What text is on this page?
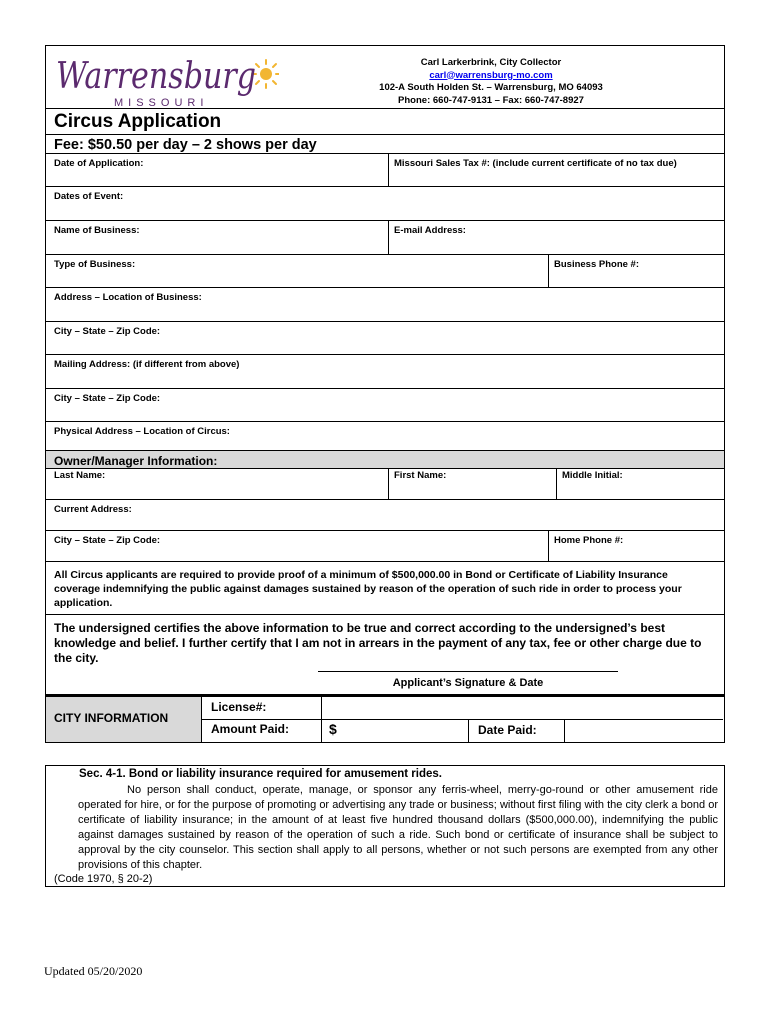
Warrensburg
MISSOURI
Carl Larkerbrink, City Collector
carl@warrensburg-mo.com
102-A South Holden St. – Warrensburg, MO 64093
Phone: 660-747-9131 – Fax: 660-747-8927
Circus Application
Fee: $50.50 per day – 2 shows per day
Date of Application:	Missouri Sales Tax #: (include current certificate of no tax due)
Dates of Event:
Name of Business:	E-mail Address:
Type of Business:	Business Phone #:
Address – Location of Business:
City – State – Zip Code:
Mailing Address: (if different from above)
City – State – Zip Code:
Physical Address – Location of Circus:
Owner/Manager Information:
Last Name:	First Name:	Middle Initial:
Current Address:
City – State – Zip Code:	Home Phone #:
All Circus applicants are required to provide proof of a minimum of $500,000.00 in Bond or Certificate of Liability Insurance coverage indemnifying the public against damages sustained by reason of the operation of such ride in order to process your application.
The undersigned certifies the above information to be true and correct according to the undersigned’s best knowledge and belief. I further certify that I am not in arrears in the payment of any tax, fee or other charge due to the city.
Applicant’s Signature & Date
CITY INFORMATION
License#:
Amount Paid:	$	Date Paid:
Sec. 4-1. Bond or liability insurance required for amusement rides.
No person shall conduct, operate, manage, or sponsor any ferris-wheel, merry-go-round or other amusement ride operated for hire, or for the purpose of promoting or advertising any trade or business; without first filing with the city clerk a bond or certificate of liability insurance; in the amount of at least five hundred thousand dollars ($500,000.00), indemnifying the public against damages sustained by reason of the operation of such a ride. Such bond or certificate of insurance shall be subject to approval by the city counselor. This section shall apply to all persons, whether or not such persons are exempted from any other provisions of this chapter.
(Code 1970, § 20-2)
Updated 05/20/2020
